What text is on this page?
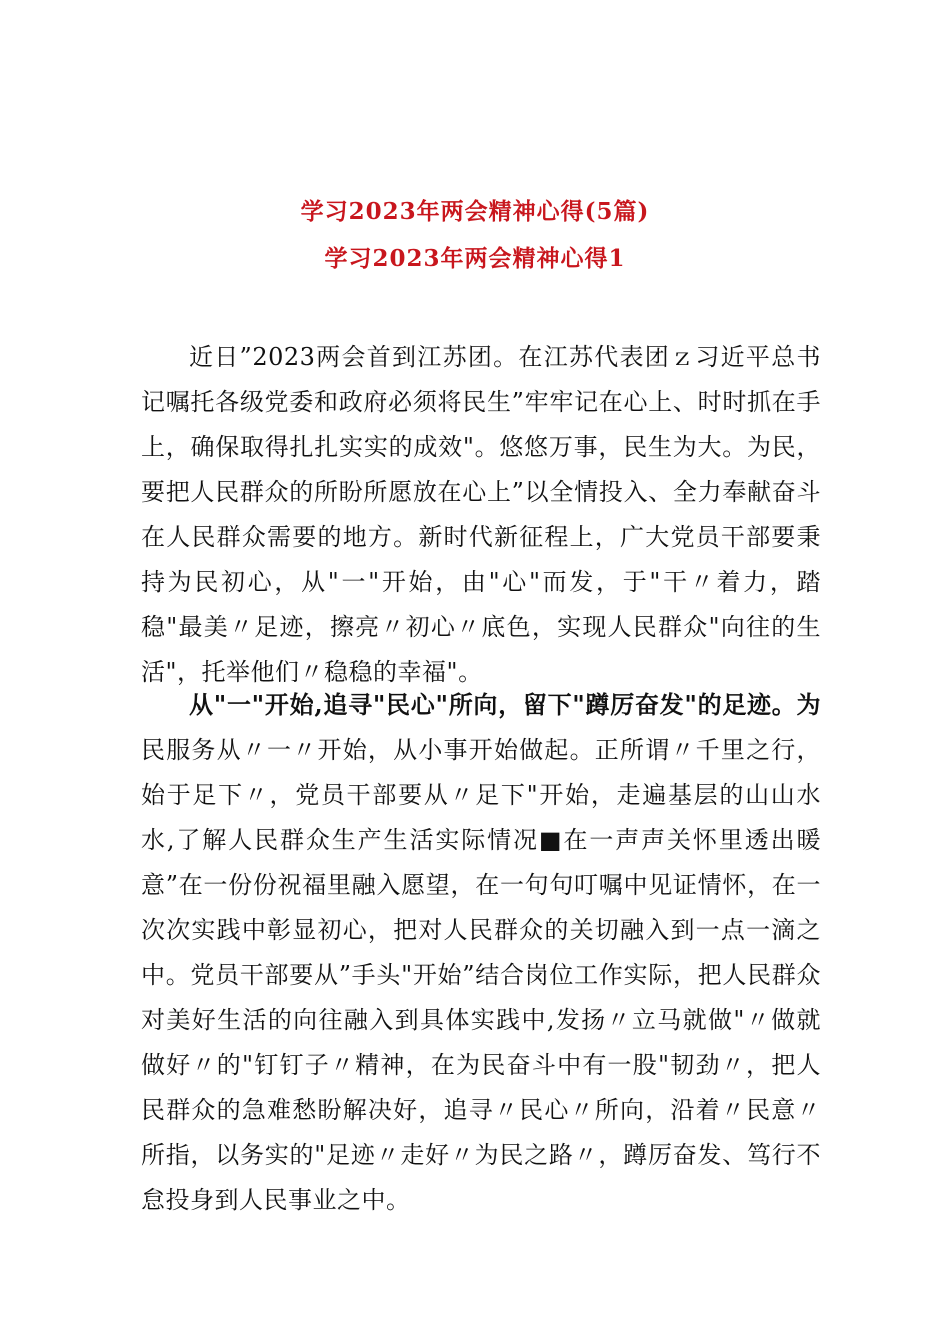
学习2023年两会精神心得(5篇)
学习2023年两会精神心得1

近日”2023两会首到江苏团。在江苏代表团ｚ习近平总书记嘱托各级党委和政府必须将民生”牢牢记在心上、时时抓在手上，确保取得扎扎实实的成效"。悠悠万事，民生为大。为民，要把人民群众的所盼所愿放在心上”以全情投入、全力奉献奋斗在人民群众需要的地方。新时代新征程上，广大党员干部要秉持为民初心，从"一"开始，由"心"而发，于"干〃着力，踏稳"最美〃足迹，擦亮〃初心〃底色，实现人民群众"向往的生活"，托举他们〃稳稳的幸福"。

从"一"开始,追寻"民心"所向，留下"蹲厉奋发"的足迹。为民服务从〃一〃开始，从小事开始做起。正所谓〃千里之行，始于足下〃，党员干部要从〃足下"开始，走遍基层的山山水水,了解人民群众生产生活实际情况■在一声声关怀里透出暖意”在一份份祝福里融入愿望，在一句句叮嘱中见证情怀，在一次次实践中彰显初心，把对人民群众的关切融入到一点一滴之中。党员干部要从”手头"开始”结合岗位工作实际，把人民群众对美好生活的向往融入到具体实践中,发扬〃立马就做"〃做就做好〃的"钉钉子〃精神，在为民奋斗中有一股"韧劲〃，把人民群众的急难愁盼解决好，追寻〃民心〃所向，沿着〃民意〃所指，以务实的"足迹〃走好〃为民之路〃，蹲厉奋发、笃行不怠投身到人民事业之中。
